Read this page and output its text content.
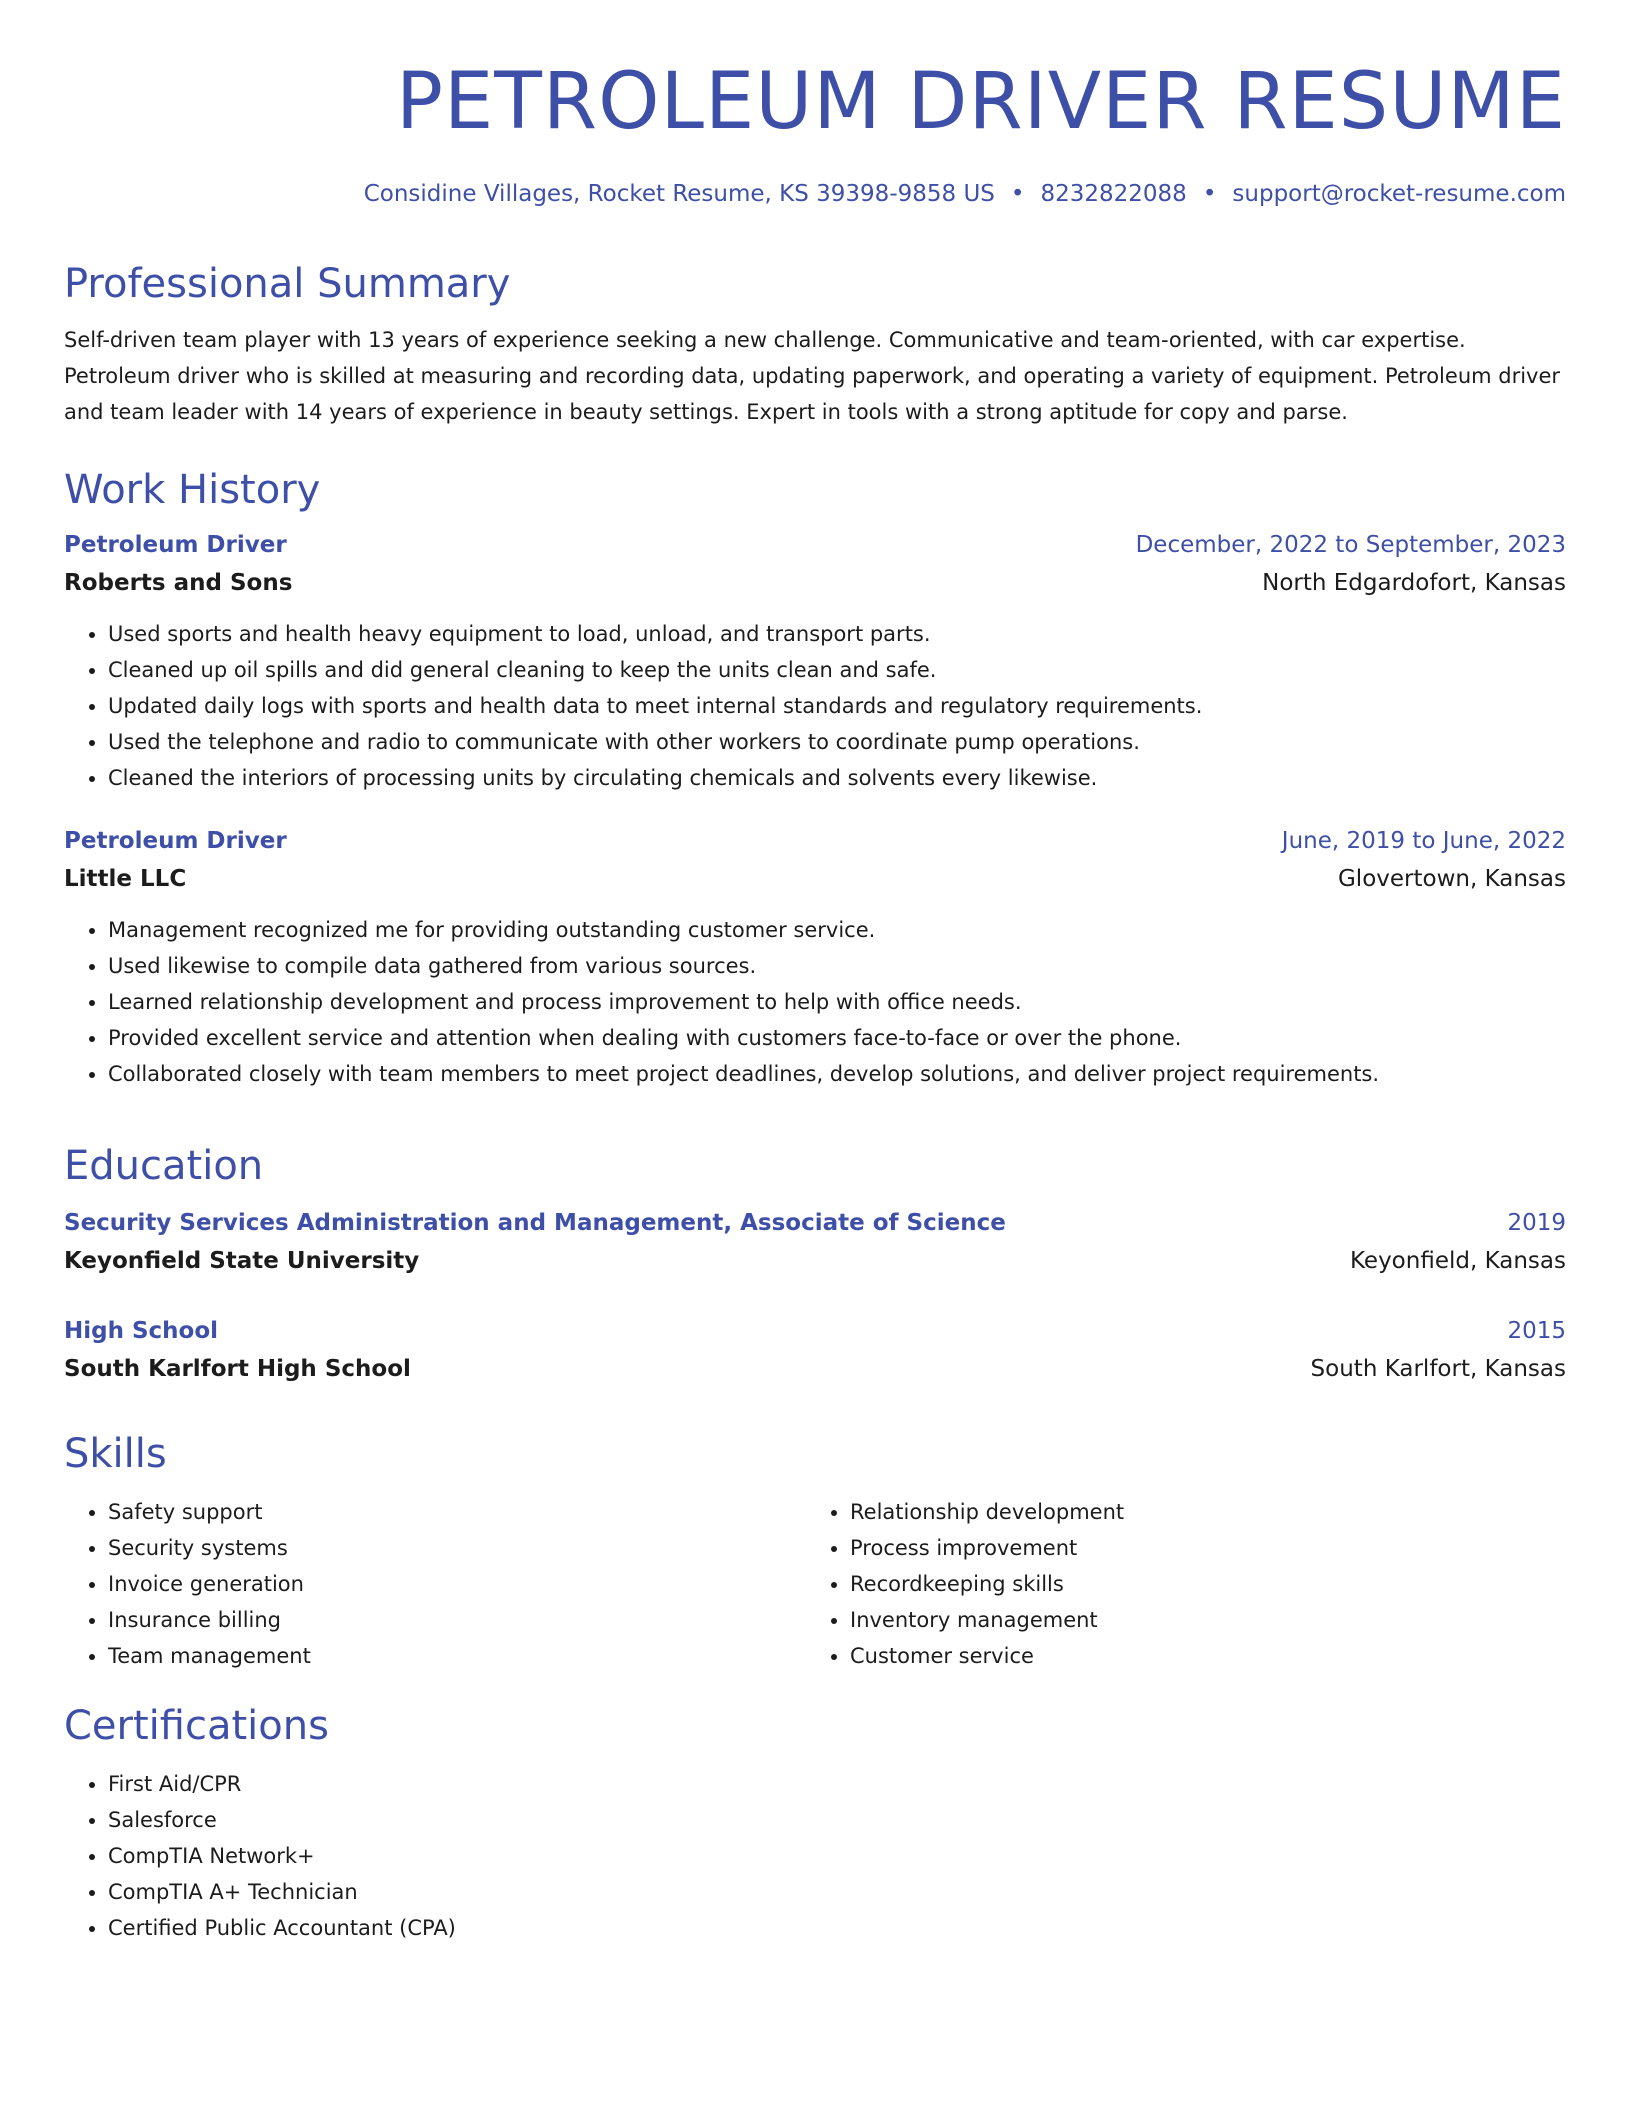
PETROLEUM DRIVER RESUME
Considine Villages, Rocket Resume, KS 39398-9858 US • 8232822088 • support@rocket-resume.com
Professional Summary
Self-driven team player with 13 years of experience seeking a new challenge. Communicative and team-oriented, with car expertise. Petroleum driver who is skilled at measuring and recording data, updating paperwork, and operating a variety of equipment. Petroleum driver and team leader with 14 years of experience in beauty settings. Expert in tools with a strong aptitude for copy and parse.
Work History
Petroleum Driver	December, 2022 to September, 2023
Roberts and Sons	North Edgardofort, Kansas
• Used sports and health heavy equipment to load, unload, and transport parts.
• Cleaned up oil spills and did general cleaning to keep the units clean and safe.
• Updated daily logs with sports and health data to meet internal standards and regulatory requirements.
• Used the telephone and radio to communicate with other workers to coordinate pump operations.
• Cleaned the interiors of processing units by circulating chemicals and solvents every likewise.
Petroleum Driver	June, 2019 to June, 2022
Little LLC	Glovertown, Kansas
• Management recognized me for providing outstanding customer service.
• Used likewise to compile data gathered from various sources.
• Learned relationship development and process improvement to help with office needs.
• Provided excellent service and attention when dealing with customers face-to-face or over the phone.
• Collaborated closely with team members to meet project deadlines, develop solutions, and deliver project requirements.
Education
Security Services Administration and Management, Associate of Science	2019
Keyonfield State University	Keyonfield, Kansas
High School	2015
South Karlfort High School	South Karlfort, Kansas
Skills
• Safety support
• Security systems
• Invoice generation
• Insurance billing
• Team management
• Relationship development
• Process improvement
• Recordkeeping skills
• Inventory management
• Customer service
Certifications
• First Aid/CPR
• Salesforce
• CompTIA Network+
• CompTIA A+ Technician
• Certified Public Accountant (CPA)
